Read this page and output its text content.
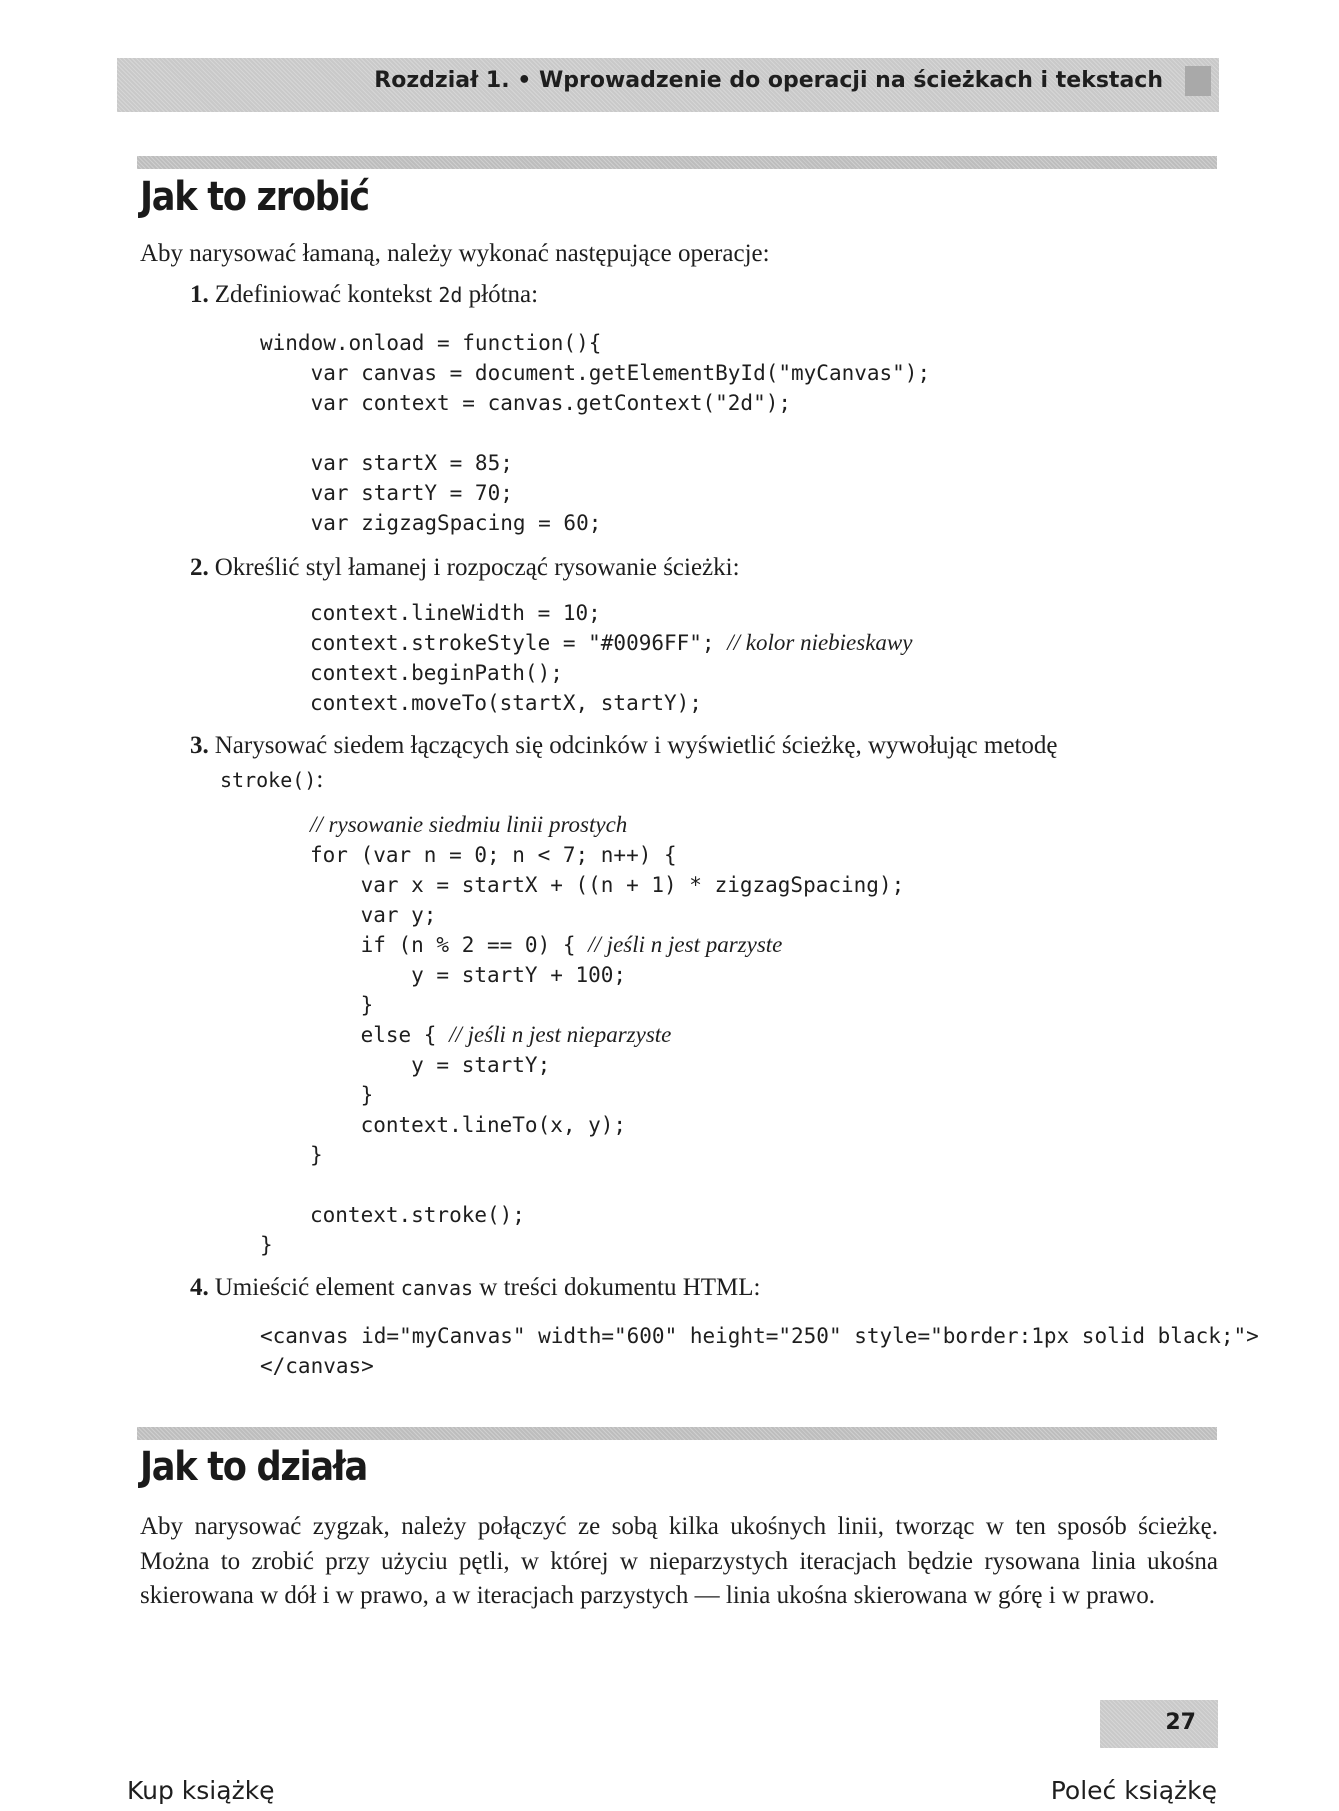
Rozdział 1. • Wprowadzenie do operacji na ścieżkach i tekstach
Jak to zrobić
Aby narysować łamaną, należy wykonać następujące operacje:
1. Zdefiniować kontekst 2d płótna:
window.onload = function(){
var canvas = document.getElementById("myCanvas");
var context = canvas.getContext("2d");
var startX = 85;
var startY = 70;
var zigzagSpacing = 60;
2. Określić styl łamanej i rozpocząć rysowanie ścieżki:
context.lineWidth = 10;
context.strokeStyle = "#0096FF"; // kolor niebieskawy
context.beginPath();
context.moveTo(startX, startY);
3. Narysować siedem łączących się odcinków i wyświetlić ścieżkę, wywołując metodę
stroke():
// rysowanie siedmiu linii prostych
for (var n = 0; n < 7; n++) {
var x = startX + ((n + 1) * zigzagSpacing);
var y;
if (n % 2 == 0) { // jeśli n jest parzyste
y = startY + 100;
}
else { // jeśli n jest nieparzyste
y = startY;
}
context.lineTo(x, y);
}
context.stroke();
}
4. Umieścić element canvas w treści dokumentu HTML:
<canvas id="myCanvas" width="600" height="250" style="border:1px solid black;">
</canvas>
Jak to działa

Aby narysować zygzak, należy połączyć ze sobą kilka ukośnych linii, tworząc w ten sposób ścieżkę. Można to zrobić przy użyciu pętli, w której w nieparzystych iteracjach będzie rysowana linia ukośna skierowana w dół i w prawo, a w iteracjach parzystych — linia ukośna skierowana w górę i w prawo.

27
Kup książkę	Poleć książkę
